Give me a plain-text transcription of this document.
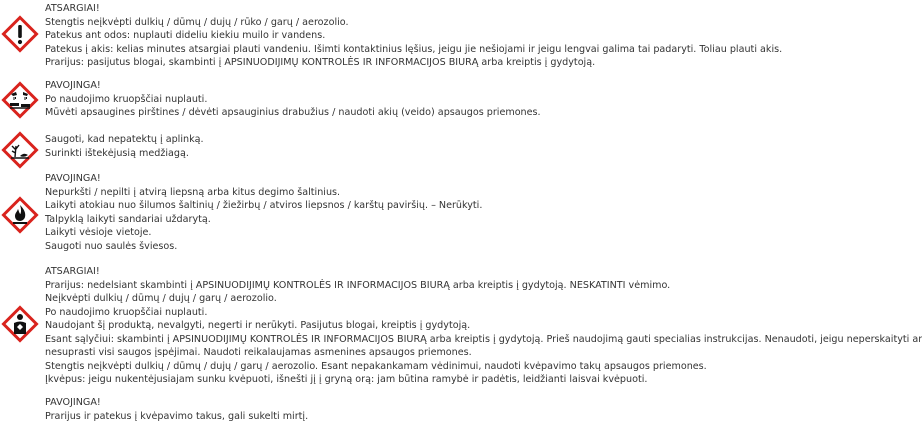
ATSARGIAI!
Stengtis neįkvėpti dulkių / dūmų / dujų / rūko / garų / aerozolio.
Patekus ant odos: nuplauti dideliu kiekiu muilo ir vandens.
Patekus į akis: kelias minutes atsargiai plauti vandeniu. Išimti kontaktinius lęšius, jeigu jie nešiojami ir jeigu lengvai galima tai padaryti. Toliau plauti akis.
Prarijus: pasijutus blogai, skambinti į APSINUODIJIMŲ KONTROLĖS IR INFORMACIJOS BIURĄ arba kreiptis į gydytoją.
PAVOJINGA!
Po naudojimo kruopščiai nuplauti.
Mūvėti apsaugines pirštines / dėvėti apsauginius drabužius / naudoti akių (veido) apsaugos priemones.
Saugoti, kad nepatektų į aplinką.
Surinkti ištekėjusią medžiagą.
PAVOJINGA!
Nepurkšti / nepilti į atvirą liepsną arba kitus degimo šaltinius.
Laikyti atokiau nuo šilumos šaltinių / žiežirbų / atviros liepsnos / karštų paviršių. – Nerūkyti.
Talpyklą laikyti sandariai uždarytą.
Laikyti vėsioje vietoje.
Saugoti nuo saulės šviesos.
ATSARGIAI!
Prarijus: nedelsiant skambinti į APSINUODIJIMŲ KONTROLĖS IR INFORMACIJOS BIURĄ arba kreiptis į gydytoją. NESKATINTI vėmimo.
Neįkvėpti dulkių / dūmų / dujų / garų / aerozolio.
Po naudojimo kruopščiai nuplauti.
Naudojant šį produktą, nevalgyti, negerti ir nerūkyti. Pasijutus blogai, kreiptis į gydytoją.
Esant sąlyčiui: skambinti į APSINUODIJIMŲ KONTROLĖS IR INFORMACIJOS BIURĄ arba kreiptis į gydytoją. Prieš naudojimą gauti specialias instrukcijas. Nenaudoti, jeigu neperskaityti ar
nesuprasti visi saugos įspėjimai. Naudoti reikalaujamas asmenines apsaugos priemones.
Stengtis neįkvėpti dulkių / dūmų / dujų / garų / aerozolio. Esant nepakankamam vėdinimui, naudoti kvėpavimo takų apsaugos priemones.
Įkvėpus: jeigu nukentėjusiajam sunku kvėpuoti, išnešti jį į gryną orą: jam būtina ramybė ir padėtis, leidžianti laisvai kvėpuoti.
PAVOJINGA!
Prarijus ir patekus į kvėpavimo takus, gali sukelti mirtį.
